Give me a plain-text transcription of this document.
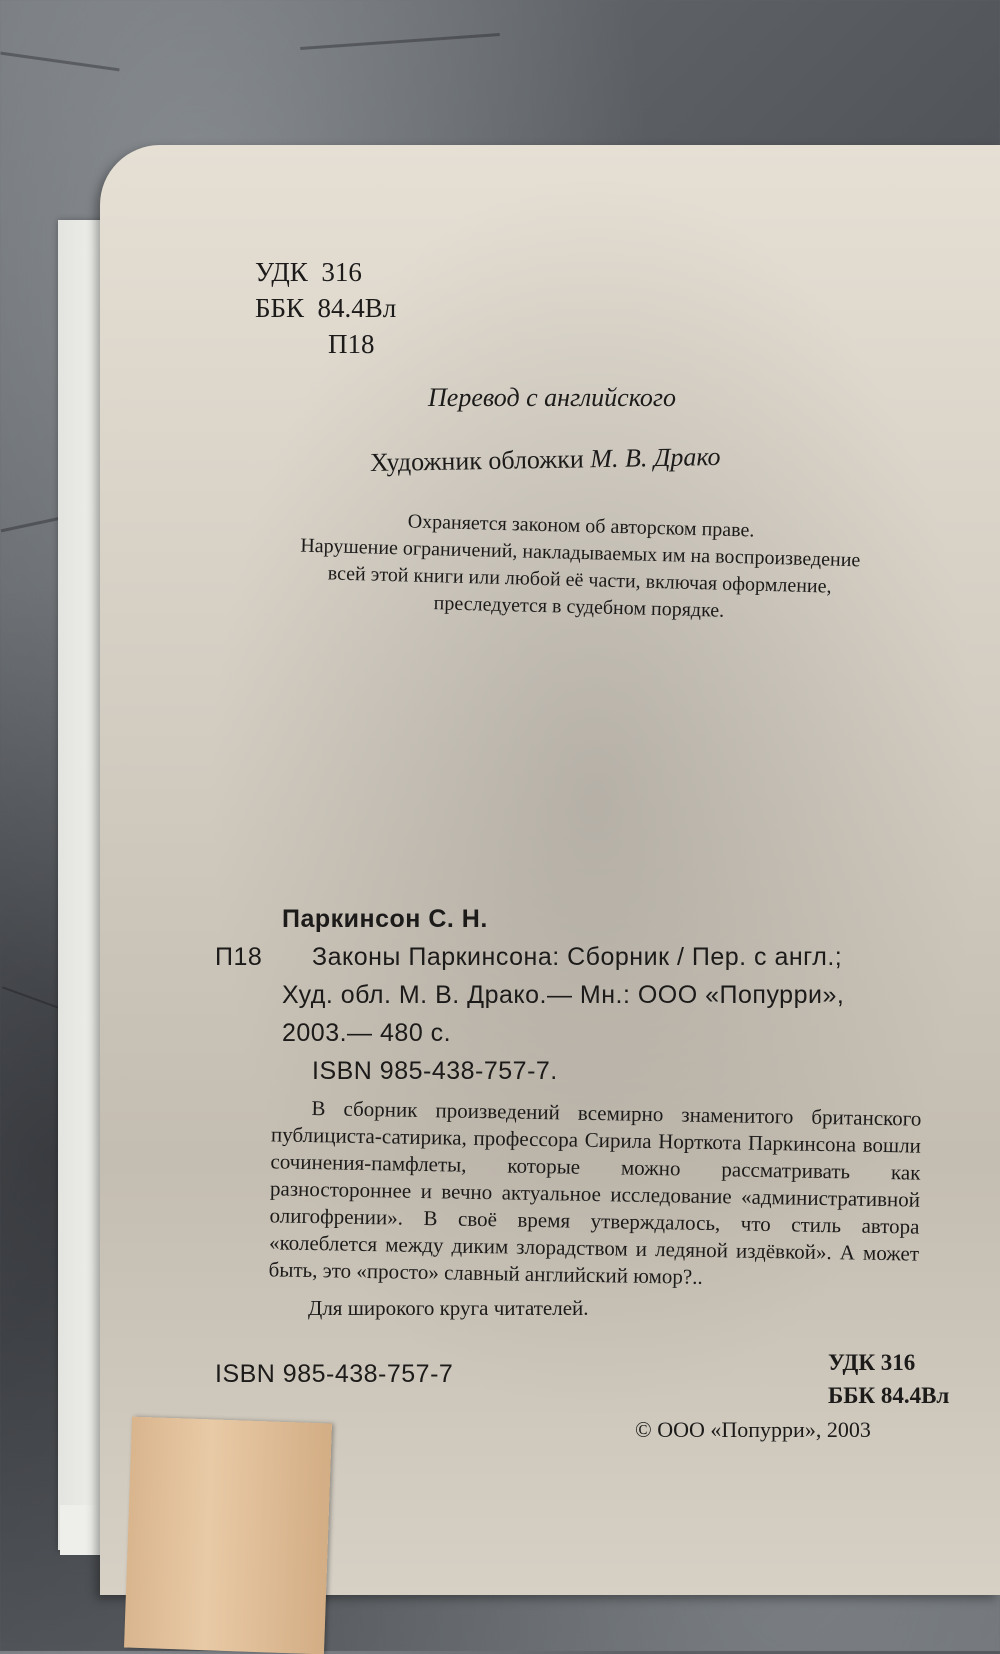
УДК 316
ББК 84.4Вл
П18
Перевод с английского
Художник обложки М. В. Драко
Охраняется законом об авторском праве.
Нарушение ограничений, накладываемых им на воспроизведение
всей этой книги или любой её части, включая оформление,
преследуется в судебном порядке.
Паркинсон С. Н.
П18 Законы Паркинсона: Сборник / Пер. с англ.;
Худ. обл. М. В. Драко.— Мн.: ООО «Попурри»,
2003.— 480 с.
ISBN 985-438-757-7.
В сборник произведений всемирно знаменитого британского публициста-сатирика, профессора Сирила Норткота Паркинсона вошли сочинения-памфлеты, которые можно рассматривать как разностороннее и вечно актуальное исследование «административной олигофрении». В своё время утверждалось, что стиль автора «колеблется между диким злорадством и ледяной издёвкой». А может быть, это «просто» славный английский юмор?..
Для широкого круга читателей.
ISBN 985-438-757-7	УДК 316
ББК 84.4Вл
© ООО «Попурри», 2003
